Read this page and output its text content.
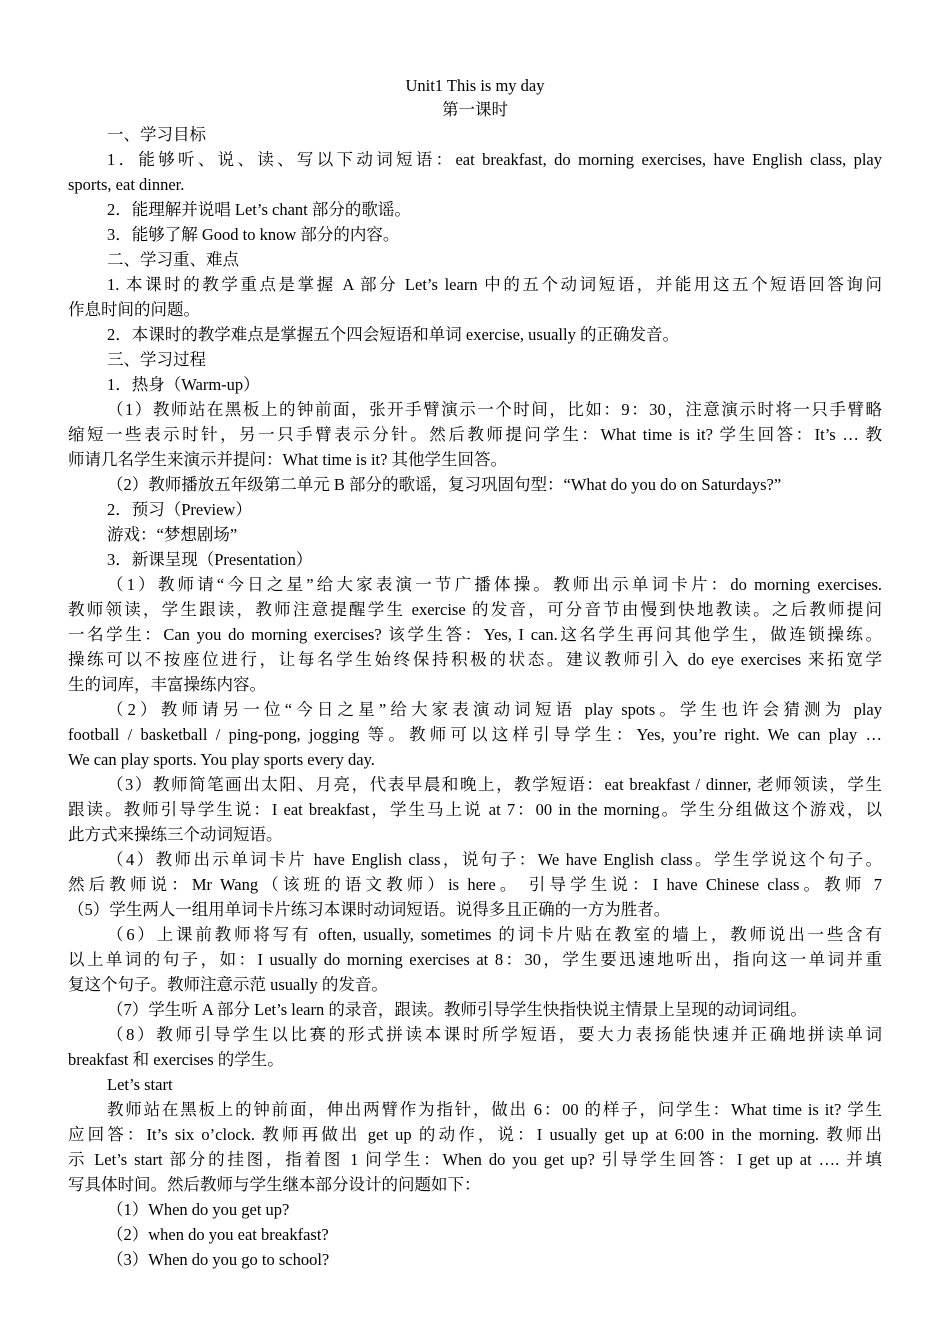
Unit1 This is my day
第一课时
一、学习目标
1．能够听、说、读、写以下动词短语：eat breakfast, do morning exercises, have English class, play
sports, eat dinner.
2．能理解并说唱 Let’s chant 部分的歌谣。
3．能够了解 Good to know 部分的内容。
二、学习重、难点
1. 本课时的教学重点是掌握 A 部分 Let’s learn 中的五个动词短语，并能用这五个短语回答询问
作息时间的问题。
2．本课时的教学难点是掌握五个四会短语和单词 exercise, usually 的正确发音。
三、学习过程
1．热身（Warm-up）
（1）教师站在黑板上的钟前面，张开手臂演示一个时间，比如：9：30，注意演示时将一只手臂略
缩短一些表示时针，另一只手臂表示分针。然后教师提问学生：What time is it? 学生回答：It’s … 教
师请几名学生来演示并提问：What time is it? 其他学生回答。
（2）教师播放五年级第二单元 B 部分的歌谣，复习巩固句型：“What do you do on Saturdays?”
2．预习（Preview）
游戏：“梦想剧场”
3．新课呈现（Presentation）
（1）教师请“今日之星”给大家表演一节广播体操。教师出示单词卡片：do morning exercises.
教师领读，学生跟读，教师注意提醒学生 exercise 的发音，可分音节由慢到快地教读。之后教师提问
一名学生：Can you do morning exercises? 该学生答：Yes, I can.这名学生再问其他学生，做连锁操练。
操练可以不按座位进行，让每名学生始终保持积极的状态。建议教师引入 do eye exercises 来拓宽学
生的词库，丰富操练内容。
（2）教师请另一位“今日之星”给大家表演动词短语 play spots。学生也许会猜测为 play
football / basketball / ping-pong, jogging 等。教师可以这样引导学生：Yes, you’re right. We can play …
We can play sports. You play sports every day.
（3）教师简笔画出太阳、月亮，代表早晨和晚上，教学短语：eat breakfast / dinner, 老师领读，学生
跟读。教师引导学生说：I eat breakfast，学生马上说 at 7：00 in the morning。学生分组做这个游戏，以
此方式来操练三个动词短语。
（4）教师出示单词卡片 have English class，说句子：We have English class。学生学说这个句子。
然后教师说：Mr Wang（该班的语文教师）is here。 引导学生说：I have Chinese class。教师 7
（5）学生两人一组用单词卡片练习本课时动词短语。说得多且正确的一方为胜者。
（6）上课前教师将写有 often, usually, sometimes 的词卡片贴在教室的墙上，教师说出一些含有
以上单词的句子，如：I usually do morning exercises at 8：30，学生要迅速地听出，指向这一单词并重
复这个句子。教师注意示范 usually 的发音。
（7）学生听 A 部分 Let’s learn 的录音，跟读。教师引导学生快指快说主情景上呈现的动词词组。
（8）教师引导学生以比赛的形式拼读本课时所学短语，要大力表扬能快速并正确地拼读单词
breakfast 和 exercises 的学生。
Let’s start
教师站在黑板上的钟前面，伸出两臂作为指针，做出 6：00 的样子，问学生：What time is it? 学生
应回答：It’s six o’clock. 教师再做出 get up 的动作，说：I usually get up at 6:00 in the morning. 教师出
示 Let’s start 部分的挂图，指着图 1 问学生：When do you get up? 引导学生回答：I get up at …. 并填
写具体时间。然后教师与学生继本部分设计的问题如下：
（1）When do you get up?
（2）when do you eat breakfast?
（3）When do you go to school?
